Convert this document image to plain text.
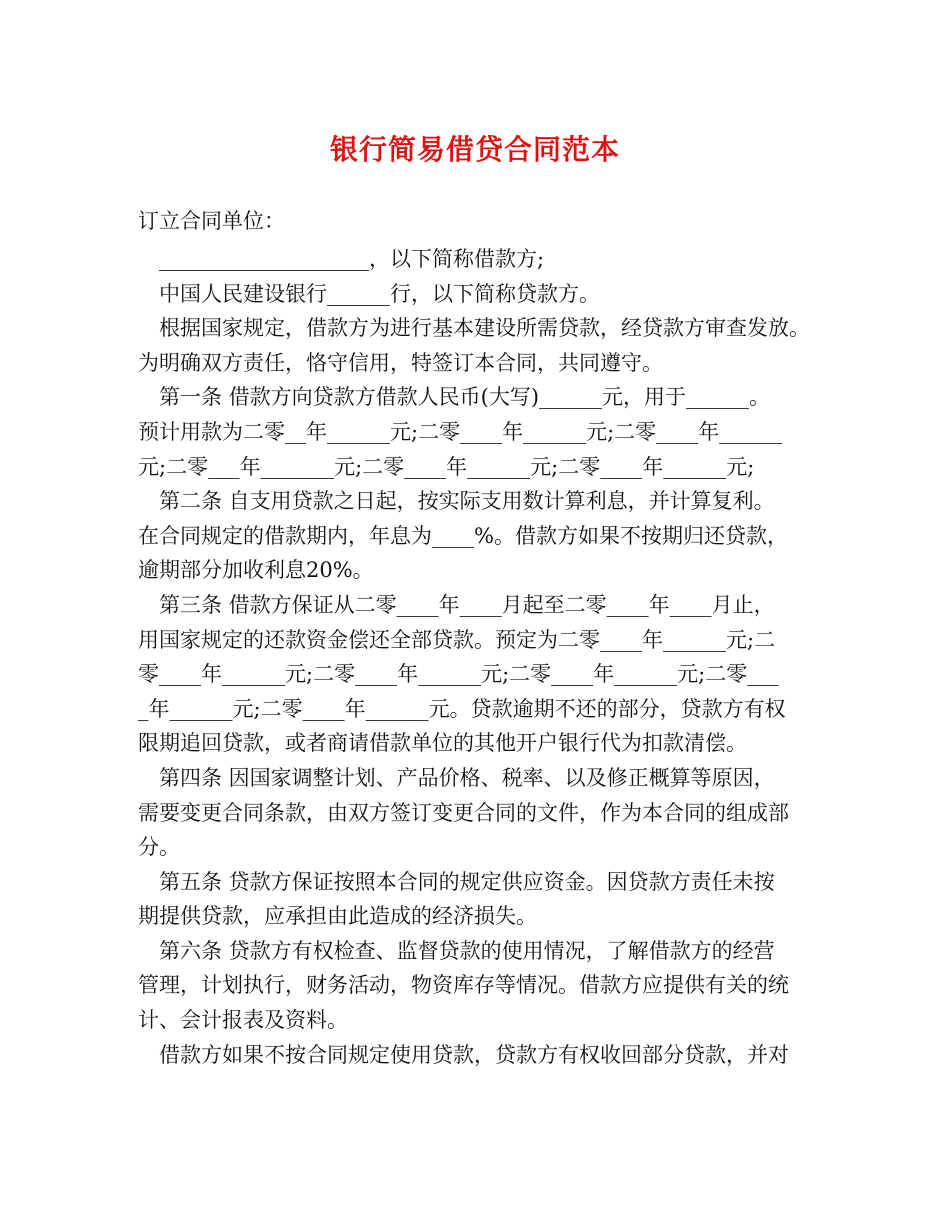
银行简易借贷合同范本
订立合同单位：
　____________________，以下简称借款方;
　中国人民建设银行______行，以下简称贷款方。
　根据国家规定，借款方为进行基本建设所需贷款，经贷款方审查发放。
为明确双方责任，恪守信用，特签订本合同，共同遵守。
　第一条 借款方向贷款方借款人民币(大写)______元，用于______。
预计用款为二零__年______元;二零____年______元;二零____年______
元;二零___年_______元;二零____年______元;二零____年______元;
　第二条 自支用贷款之日起，按实际支用数计算利息，并计算复利。
在合同规定的借款期内，年息为____%。借款方如果不按期归还贷款，
逾期部分加收利息20%。
　第三条 借款方保证从二零____年____月起至二零____年____月止，
用国家规定的还款资金偿还全部贷款。预定为二零____年______元;二
零____年______元;二零____年______元;二零____年______元;二零___
_年______元;二零____年______元。贷款逾期不还的部分，贷款方有权
限期追回贷款，或者商请借款单位的其他开户银行代为扣款清偿。
　第四条 因国家调整计划、产品价格、税率、以及修正概算等原因，
需要变更合同条款，由双方签订变更合同的文件，作为本合同的组成部
分。
　第五条 贷款方保证按照本合同的规定供应资金。因贷款方责任未按
期提供贷款，应承担由此造成的经济损失。
　第六条 贷款方有权检查、监督贷款的使用情况，了解借款方的经营
管理，计划执行，财务活动，物资库存等情况。借款方应提供有关的统
计、会计报表及资料。
　借款方如果不按合同规定使用贷款，贷款方有权收回部分贷款，并对
